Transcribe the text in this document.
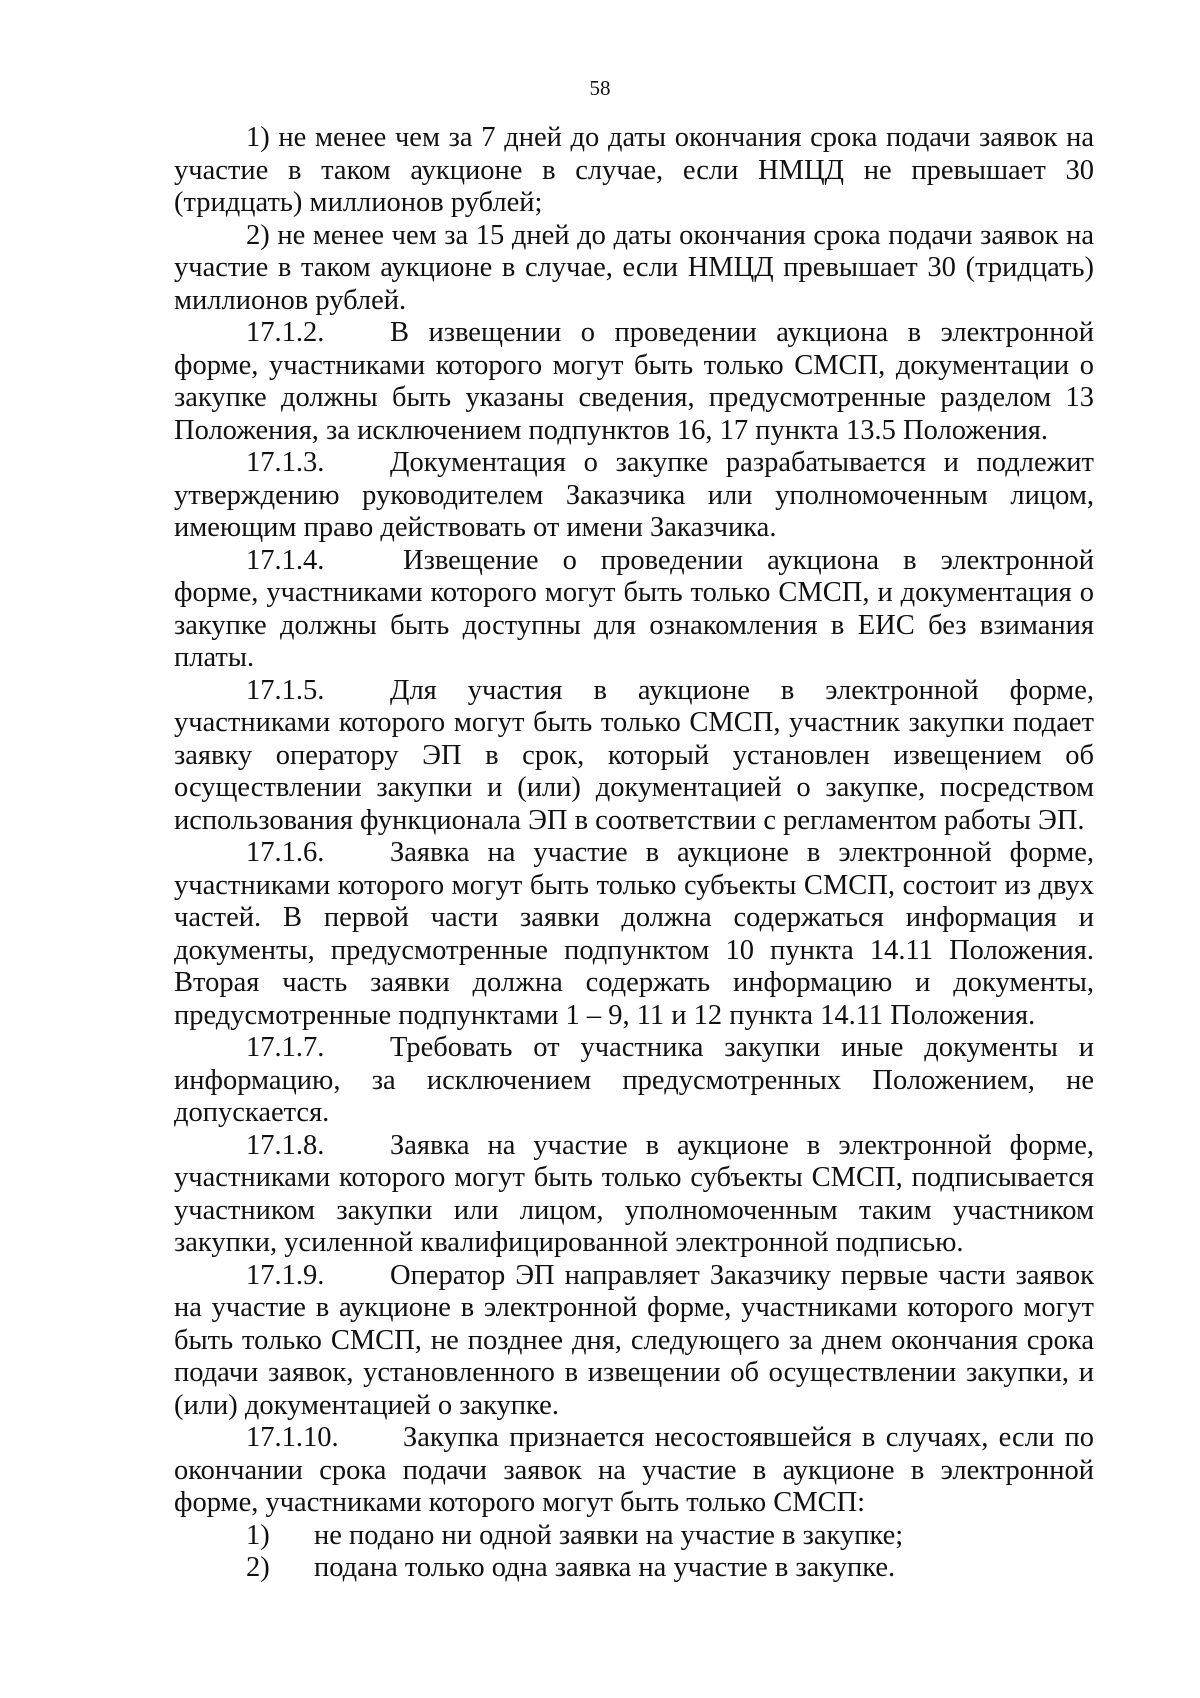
58

1) не менее чем за 7 дней до даты окончания срока подачи заявок на участие в таком аукционе в случае, если НМЦД не превышает 30 (тридцать) миллионов рублей;

2) не менее чем за 15 дней до даты окончания срока подачи заявок на участие в таком аукционе в случае, если НМЦД превышает 30 (тридцать) миллионов рублей.

17.1.2. В извещении о проведении аукциона в электронной форме, участниками которого могут быть только СМСП, документации о закупке должны быть указаны сведения, предусмотренные разделом 13 Положения, за исключением подпунктов 16, 17 пункта 13.5 Положения.

17.1.3. Документация о закупке разрабатывается и подлежит утверждению руководителем Заказчика или уполномоченным лицом, имеющим право действовать от имени Заказчика.

17.1.4.	Извещение о проведении аукциона в электронной форме, участниками которого могут быть только СМСП, и документация о закупке должны быть доступны для ознакомления в ЕИС без взимания платы.

17.1.5. Для участия в аукционе в электронной форме, участниками которого могут быть только СМСП, участник закупки подает заявку оператору ЭП в срок, который установлен извещением об осуществлении закупки и (или) документацией о закупке, посредством использования функционала ЭП в соответствии с регламентом работы ЭП.

17.1.6. Заявка на участие в аукционе в электронной форме, участниками которого могут быть только субъекты СМСП, состоит из двух частей. В первой части заявки должна содержаться информация и документы, предусмотренные подпунктом 10 пункта 14.11 Положения. Вторая часть заявки должна содержать информацию и документы, предусмотренные подпунктами 1 – 9, 11 и 12 пункта 14.11 Положения.

17.1.7. Требовать от участника закупки иные документы и информацию, за исключением предусмотренных Положением, не допускается.

17.1.8. Заявка на участие в аукционе в электронной форме, участниками которого могут быть только субъекты СМСП, подписывается участником закупки или лицом, уполномоченным таким участником закупки, усиленной квалифицированной электронной подписью.

17.1.9. Оператор ЭП направляет Заказчику первые части заявок на участие в аукционе в электронной форме, участниками которого могут быть только СМСП, не позднее дня, следующего за днем окончания срока подачи заявок, установленного в извещении об осуществлении закупки, и (или) документацией о закупке.

17.1.10. Закупка признается несостоявшейся в случаях, если по окончании срока подачи заявок на участие в аукционе в электронной форме, участниками которого могут быть только СМСП:

1) не подано ни одной заявки на участие в закупке;

2) подана только одна заявка на участие в закупке.
